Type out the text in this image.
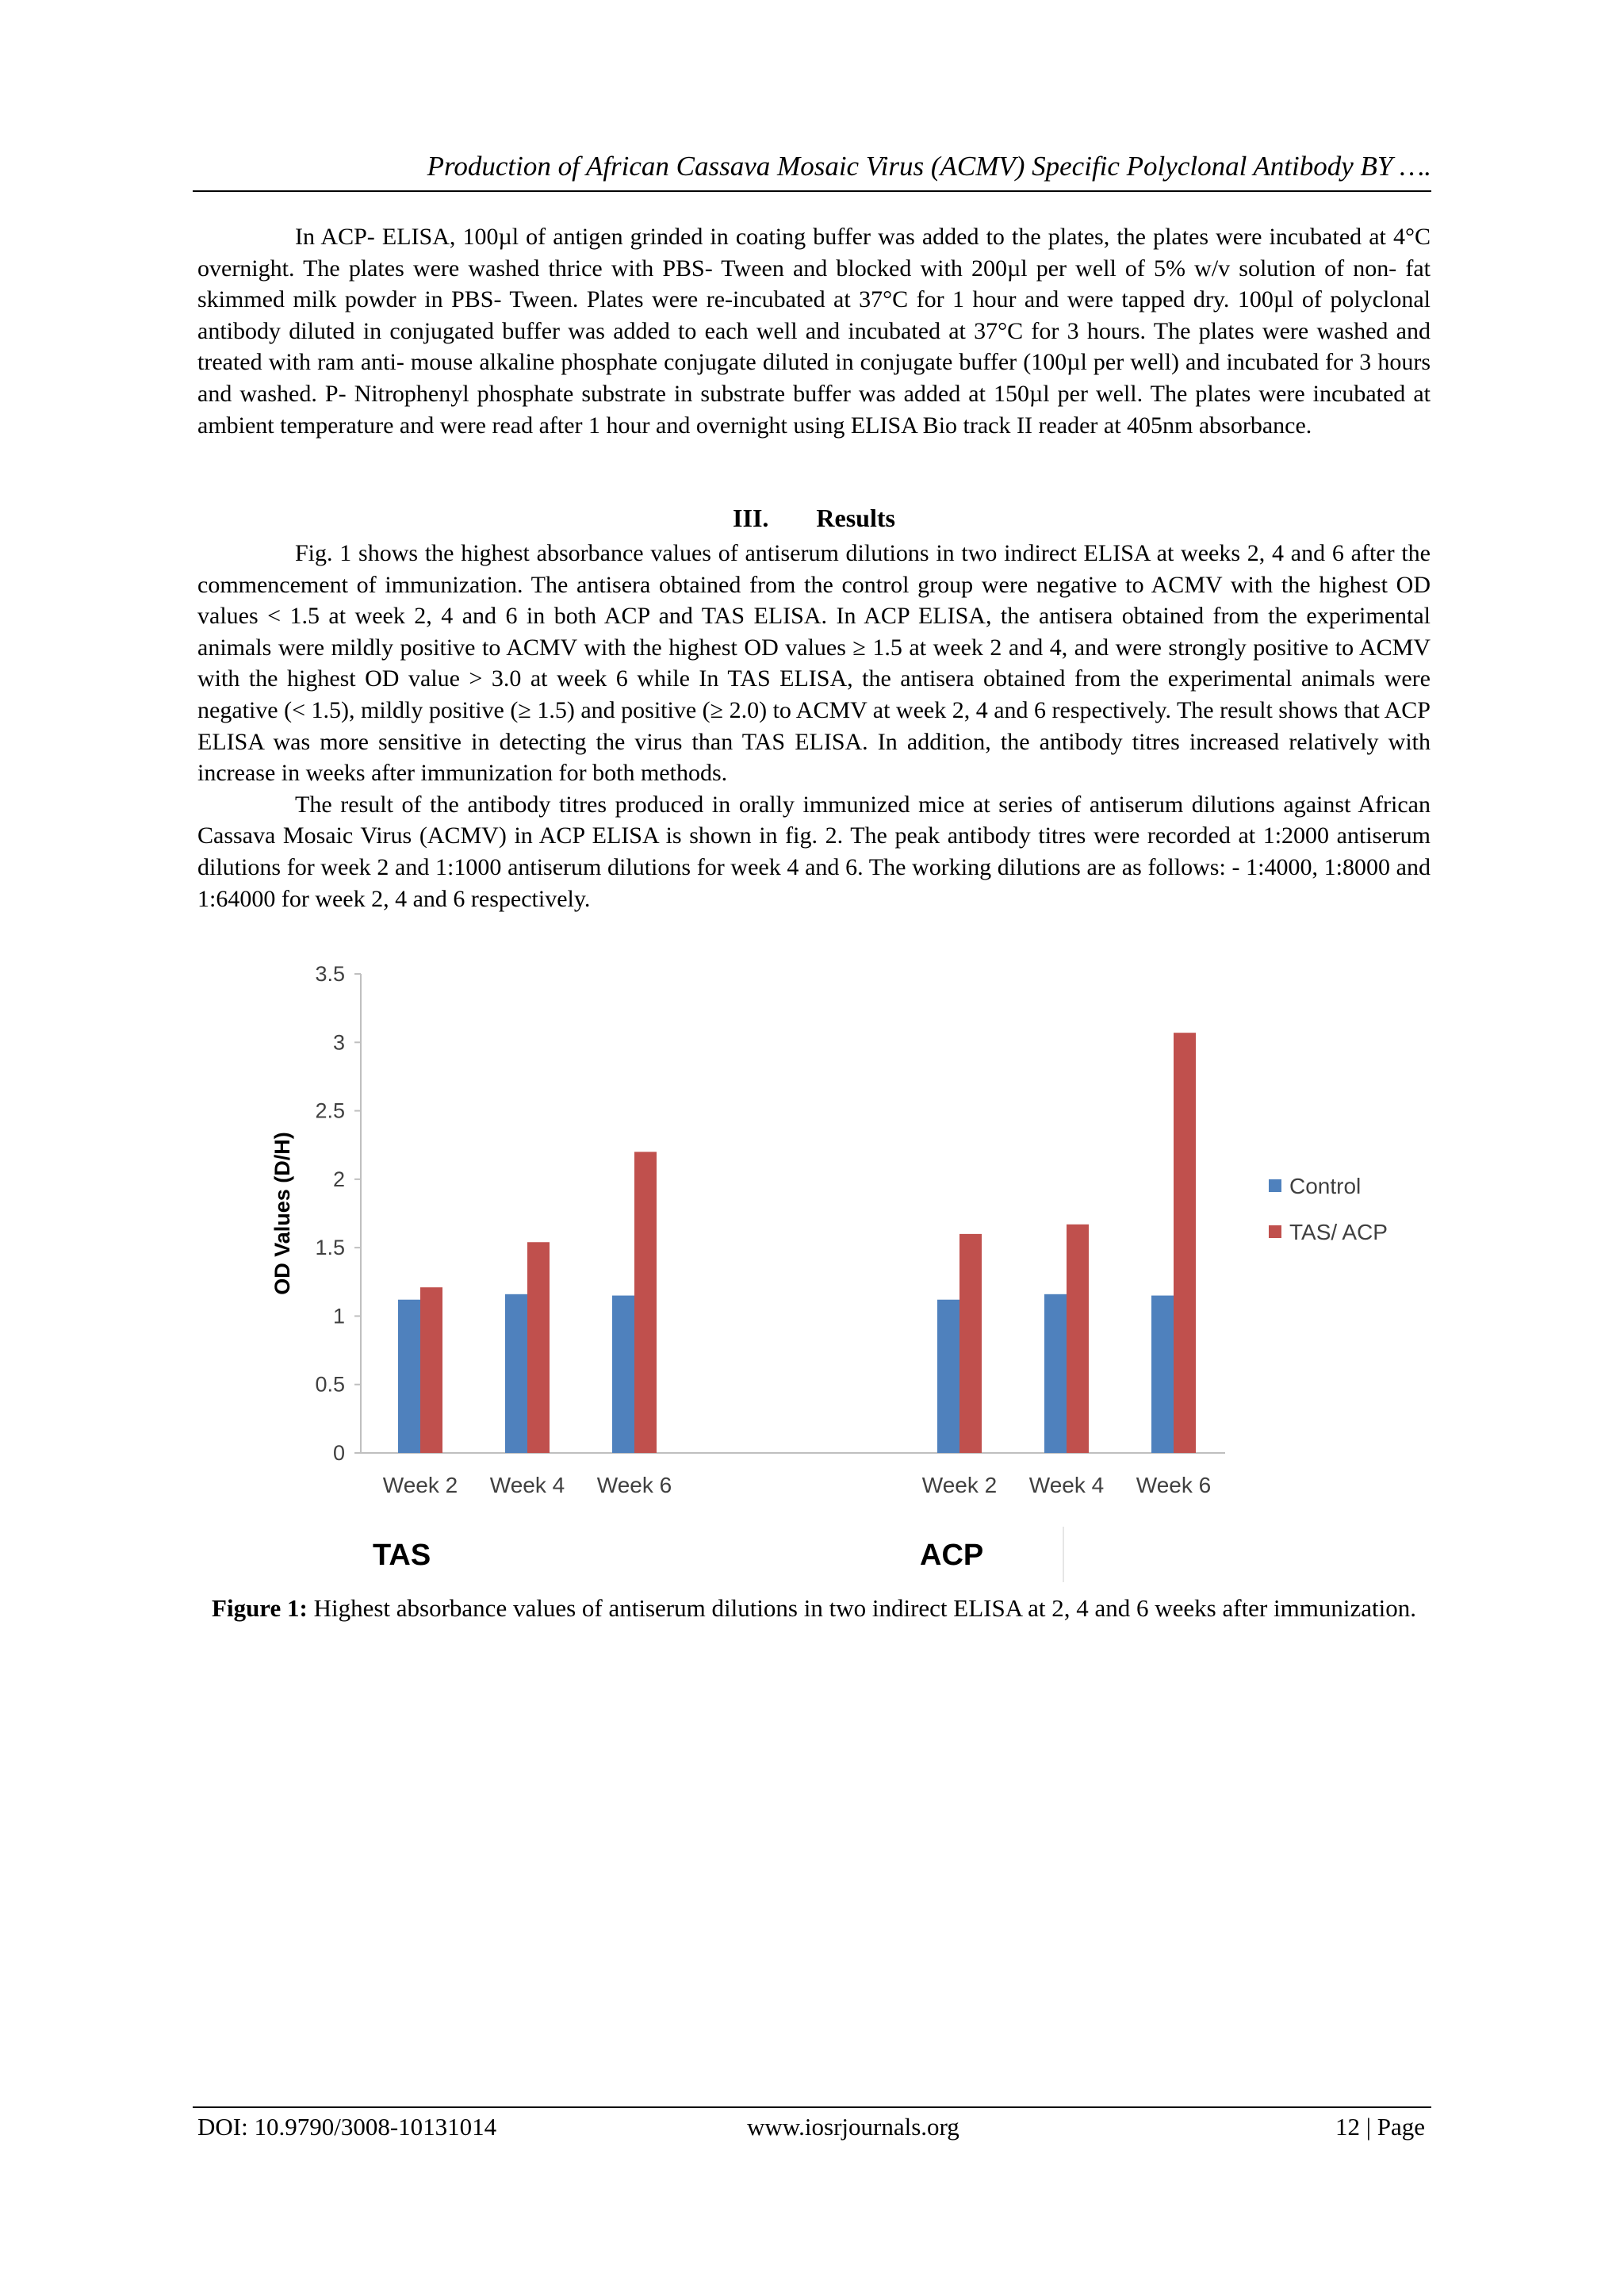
Production of African Cassava Mosaic Virus (ACMV) Specific Polyclonal Antibody BY ….

In ACP- ELISA, 100µl of antigen grinded in coating buffer was added to the plates, the plates were incubated at 4°C overnight. The plates were washed thrice with PBS- Tween and blocked with 200µl per well of 5% w/v solution of non- fat skimmed milk powder in PBS- Tween. Plates were re-incubated at 37°C for 1 hour and were tapped dry. 100µl of polyclonal antibody diluted in conjugated buffer was added to each well and incubated at 37°C for 3 hours. The plates were washed and treated with ram anti- mouse alkaline phosphate conjugate diluted in conjugate buffer (100µl per well) and incubated for 3 hours and washed. P- Nitrophenyl phosphate substrate in substrate buffer was added at 150µl per well. The plates were incubated at ambient temperature and were read after 1 hour and overnight using ELISA Bio track II reader at 405nm absorbance.

III. Results

Fig. 1 shows the highest absorbance values of antiserum dilutions in two indirect ELISA at weeks 2, 4 and 6 after the commencement of immunization. The antisera obtained from the control group were negative to ACMV with the highest OD values < 1.5 at week 2, 4 and 6 in both ACP and TAS ELISA. In ACP ELISA, the antisera obtained from the experimental animals were mildly positive to ACMV with the highest OD values ≥ 1.5 at week 2 and 4, and were strongly positive to ACMV with the highest OD value > 3.0 at week 6 while In TAS ELISA, the antisera obtained from the experimental animals were negative (< 1.5), mildly positive (≥ 1.5) and positive (≥ 2.0) to ACMV at week 2, 4 and 6 respectively. The result shows that ACP ELISA was more sensitive in detecting the virus than TAS ELISA. In addition, the antibody titres increased relatively with increase in weeks after immunization for both methods.

The result of the antibody titres produced in orally immunized mice at series of antiserum dilutions against African Cassava Mosaic Virus (ACMV) in ACP ELISA is shown in fig. 2. The peak antibody titres were recorded at 1:2000 antiserum dilutions for week 2 and 1:1000 antiserum dilutions for week 4 and 6. The working dilutions are as follows: - 1:4000, 1:8000 and 1:64000 for week 2, 4 and 6 respectively.

0
0.5
1
1.5
2
2.5
3
3.5
OD Values (D/H)
Week 2 Week 4 Week 6	Week 2 Week 4 Week 6
Control
TAS/ ACP
TAS	ACP
Figure 1: Highest absorbance values of antiserum dilutions in two indirect ELISA at 2, 4 and 6 weeks after immunization.
DOI: 10.9790/3008-10131014	www.iosrjournals.org	12 | Page
